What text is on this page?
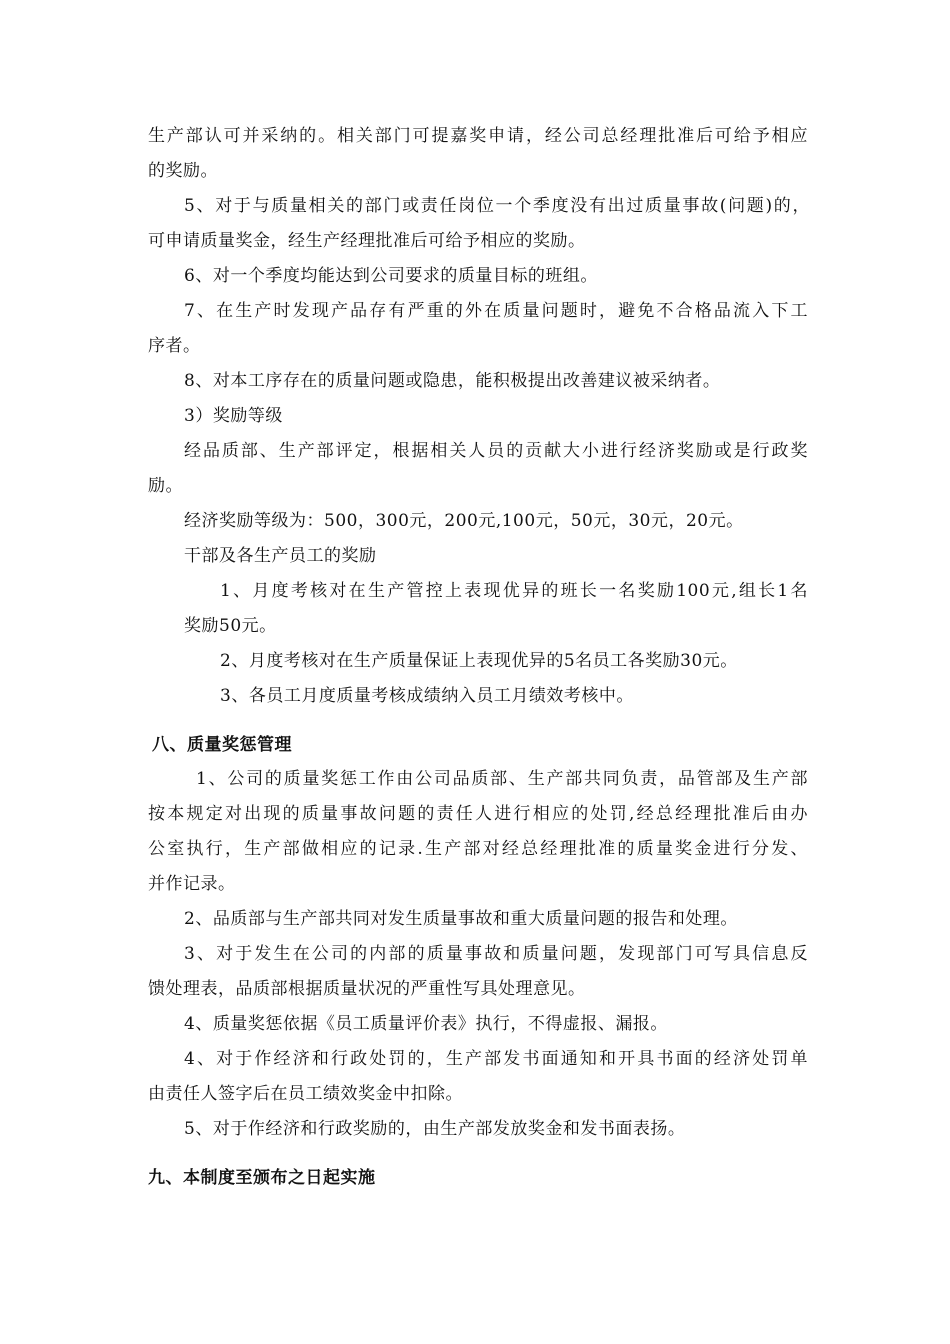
生产部认可并采纳的。相关部门可提嘉奖申请，经公司总经理批准后可给予相应
的奖励。
5、对于与质量相关的部门或责任岗位一个季度没有出过质量事故(问题)的，
可申请质量奖金，经生产经理批准后可给予相应的奖励。
6、对一个季度均能达到公司要求的质量目标的班组。
7、在生产时发现产品存有严重的外在质量问题时，避免不合格品流入下工
序者。
8、对本工序存在的质量问题或隐患，能积极提出改善建议被采纳者。
3）奖励等级
经品质部、生产部评定，根据相关人员的贡献大小进行经济奖励或是行政奖
励。
经济奖励等级为：500，300元，200元,100元，50元，30元，20元。
干部及各生产员工的奖励
1、月度考核对在生产管控上表现优异的班长一名奖励100元,组长1名
奖励50元。
2、月度考核对在生产质量保证上表现优异的5名员工各奖励30元。
3、各员工月度质量考核成绩纳入员工月绩效考核中。
八、质量奖惩管理
1、公司的质量奖惩工作由公司品质部、生产部共同负责，品管部及生产部
按本规定对出现的质量事故问题的责任人进行相应的处罚,经总经理批准后由办
公室执行，生产部做相应的记录.生产部对经总经理批准的质量奖金进行分发、
并作记录。
2、品质部与生产部共同对发生质量事故和重大质量问题的报告和处理。
3、对于发生在公司的内部的质量事故和质量问题，发现部门可写具信息反
馈处理表，品质部根据质量状况的严重性写具处理意见。
4、质量奖惩依据《员工质量评价表》执行，不得虚报、漏报。
4、对于作经济和行政处罚的，生产部发书面通知和开具书面的经济处罚单
由责任人签字后在员工绩效奖金中扣除。
5、对于作经济和行政奖励的，由生产部发放奖金和发书面表扬。
九、本制度至颁布之日起实施
